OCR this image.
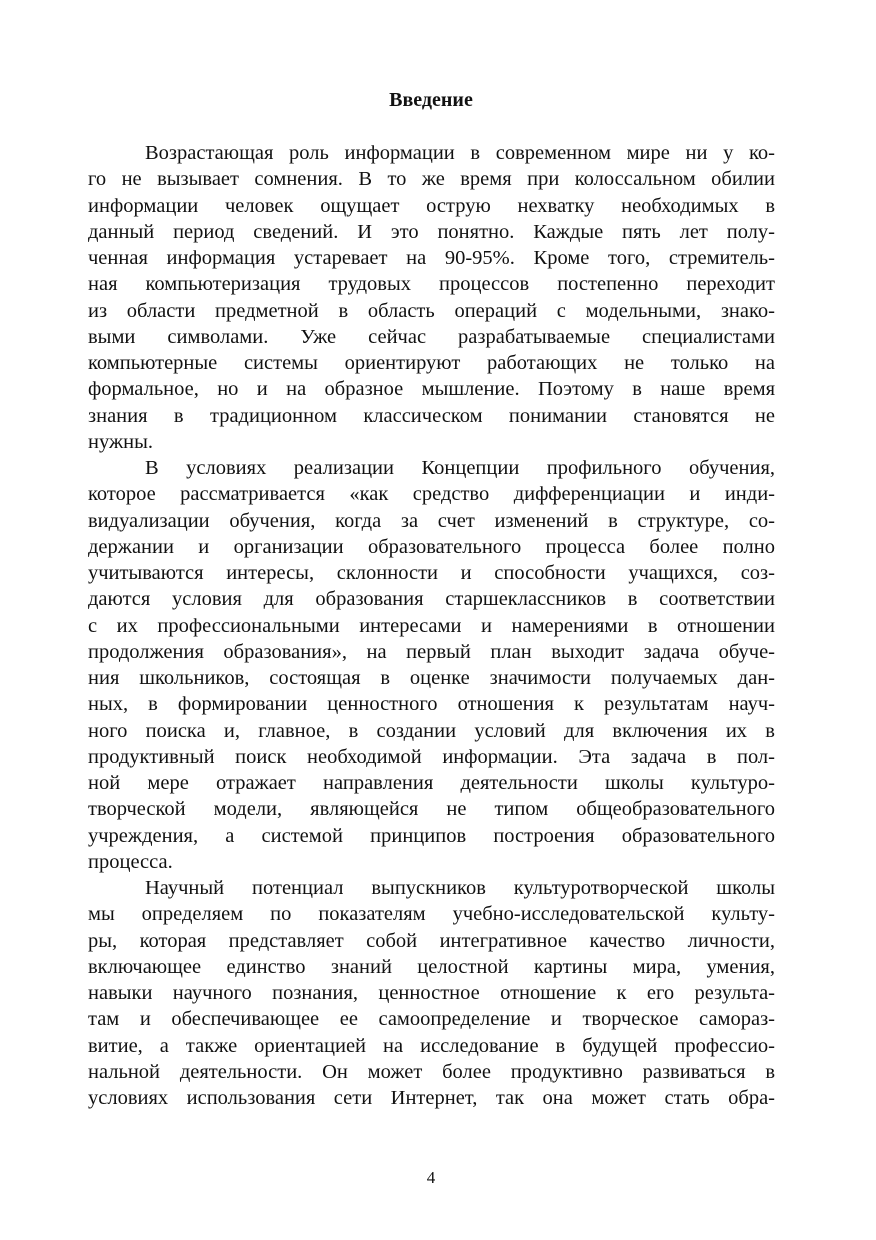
Введение
Возрастающая роль информации в современном мире ни у ко-
го не вызывает сомнения. В то же время при колоссальном обилии
информации человек ощущает острую нехватку необходимых в
данный период сведений. И это понятно. Каждые пять лет полу-
ченная информация устаревает на 90-95%. Кроме того, стремитель-
ная компьютеризация трудовых процессов постепенно переходит
из области предметной в область операций с модельными, знако-
выми символами. Уже сейчас разрабатываемые специалистами
компьютерные системы ориентируют работающих не только на
формальное, но и на образное мышление. Поэтому в наше время
знания в традиционном классическом понимании становятся не
нужны.
В условиях реализации Концепции профильного обучения,
которое рассматривается «как средство дифференциации и инди-
видуализации обучения, когда за счет изменений в структуре, со-
держании и организации образовательного процесса более полно
учитываются интересы, склонности и способности учащихся, соз-
даются условия для образования старшеклассников в соответствии
с их профессиональными интересами и намерениями в отношении
продолжения образования», на первый план выходит задача обуче-
ния школьников, состоящая в оценке значимости получаемых дан-
ных, в формировании ценностного отношения к результатам науч-
ного поиска и, главное, в создании условий для включения их в
продуктивный поиск необходимой информации. Эта задача в пол-
ной мере отражает направления деятельности школы культуро-
творческой модели, являющейся не типом общеобразовательного
учреждения, а системой принципов построения образовательного
процесса.
Научный потенциал выпускников культуротворческой школы
мы определяем по показателям учебно-исследовательской культу-
ры, которая представляет собой интегративное качество личности,
включающее единство знаний целостной картины мира, умения,
навыки научного познания, ценностное отношение к его результа-
там и обеспечивающее ее самоопределение и творческое самораз-
витие, а также ориентацией на исследование в будущей профессио-
нальной деятельности. Он может более продуктивно развиваться в
условиях использования сети Интернет, так она может стать обра-
4
